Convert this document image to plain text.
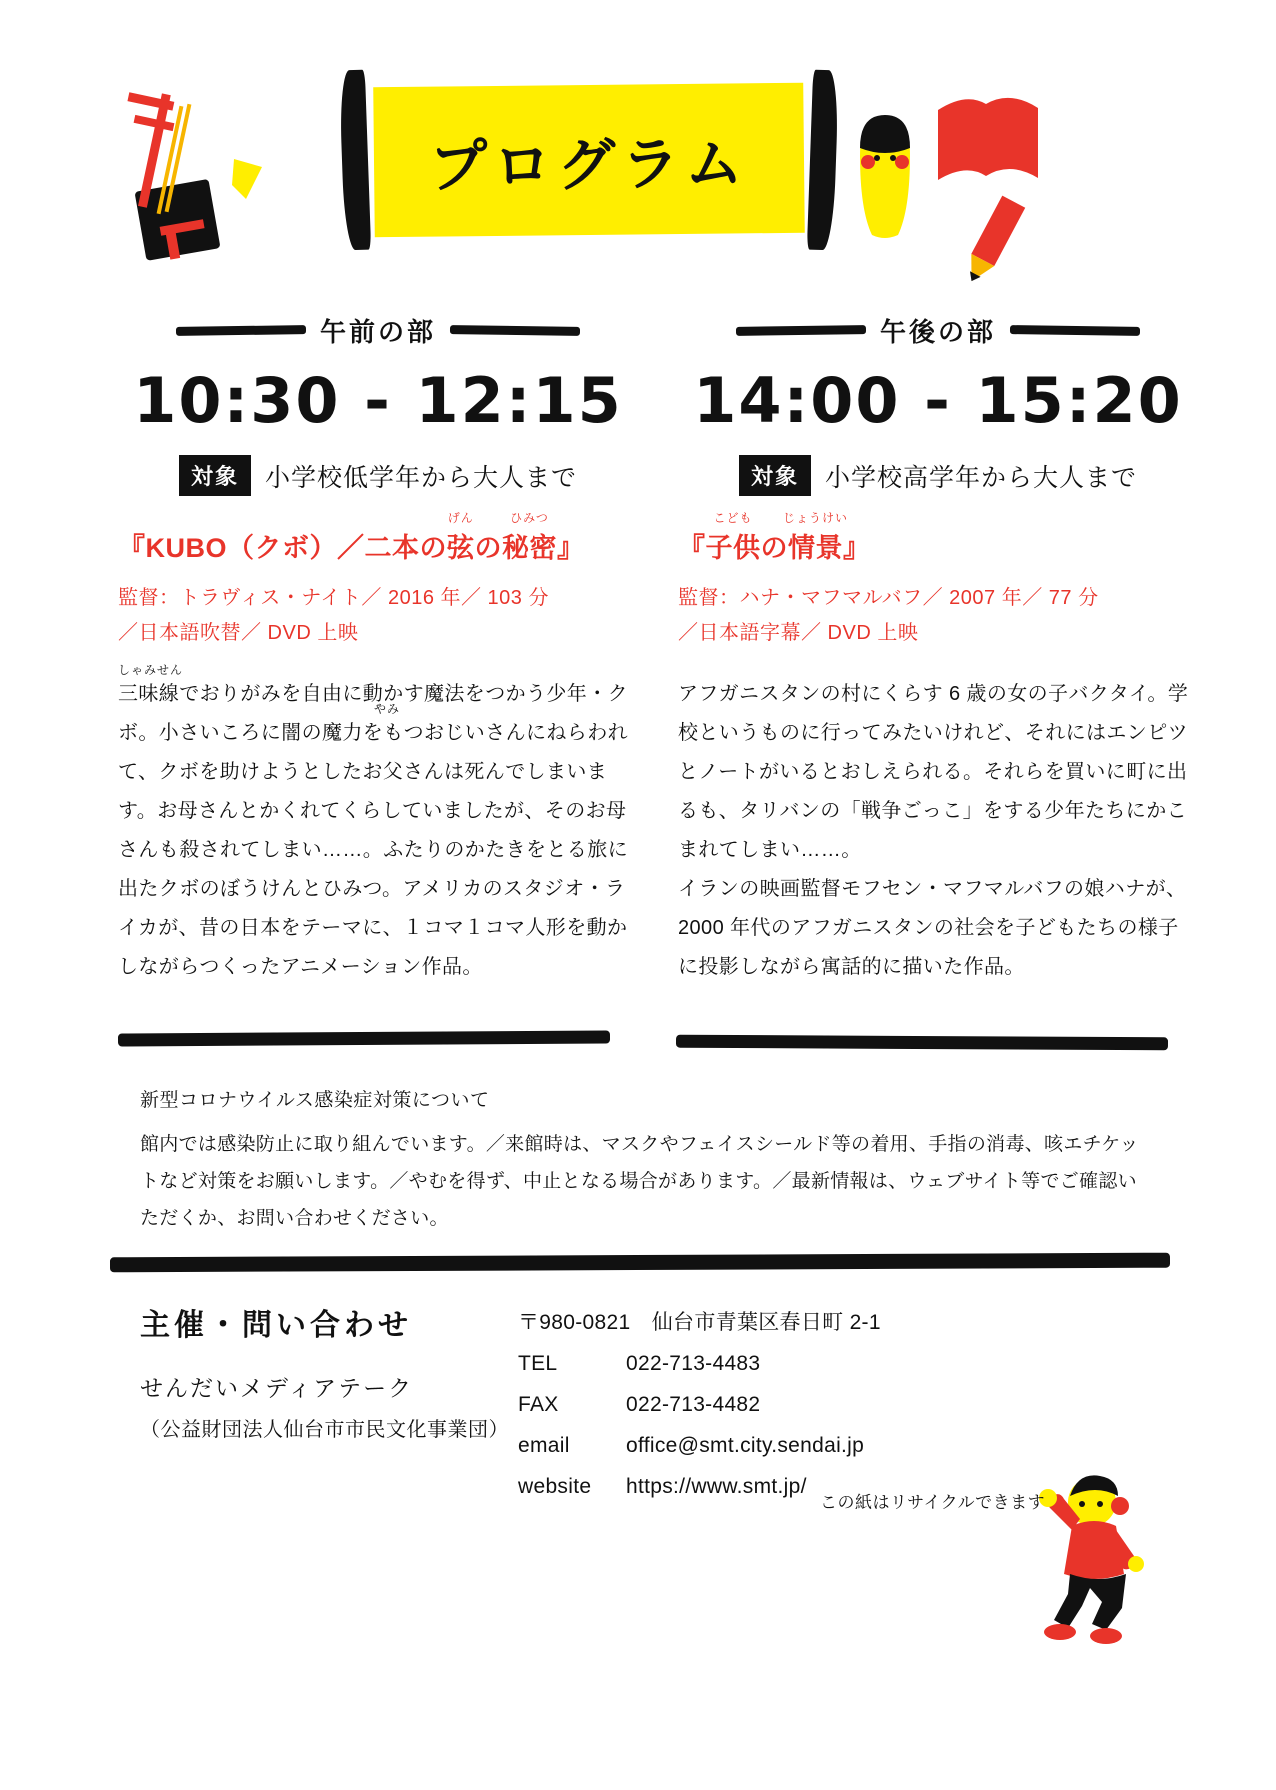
プログラム
午前の部
10:30 - 12:15
対象	小学校低学年から大人まで
『KUBO（クボ）／二本の
げん
弦の
ひみつ
秘密』
監督：トラヴィス・ナイト／ 2016 年／ 103 分
／日本語吹替／ DVD 上映
しゃみせん
やみ

三味線でおりがみを自由に動かす魔法をつかう少年・クボ。小さいころに闇の魔力をもつおじいさんにねらわれて、クボを助けようとしたお父さんは死んでしまいます。お母さんとかくれてくらしていましたが、そのお母さんも殺されてしまい……。ふたりのかたきをとる旅に出たクボのぼうけんとひみつ。アメリカのスタジオ・ライカが、昔の日本をテーマに、１コマ１コマ人形を動かしながらつくったアニメーション作品。

午後の部
14:00 - 15:20
対象	小学校高学年から大人まで
『
こども
子供の
じょうけい
情景』
監督：ハナ・マフマルバフ／ 2007 年／ 77 分
／日本語字幕／ DVD 上映

アフガニスタンの村にくらす 6 歳の女の子バクタイ。学校というものに行ってみたいけれど、それにはエンピツとノートがいるとおしえられる。それらを買いに町に出るも、タリバンの「戦争ごっこ」をする少年たちにかこまれてしまい……。

イランの映画監督モフセン・マフマルバフの娘ハナが、2000 年代のアフガニスタンの社会を子どもたちの様子に投影しながら寓話的に描いた作品。

新型コロナウイルス感染症対策について
館内では感染防止に取り組んでいます。／来館時は、マスクやフェイスシールド等の着用、手指の消毒、咳エチケットなど対策をお願いします。／やむを得ず、中止となる場合があります。／最新情報は、ウェブサイト等でご確認いただくか、お問い合わせください。
主催・問い合わせ
せんだいメディアテーク
（公益財団法人仙台市市民文化事業団）
〒980-0821　仙台市青葉区春日町 2-1
TEL	022-713-4483
FAX	022-713-4482
email	office@smt.city.sendai.jp
website	https://www.smt.jp/
この紙はリサイクルできます
